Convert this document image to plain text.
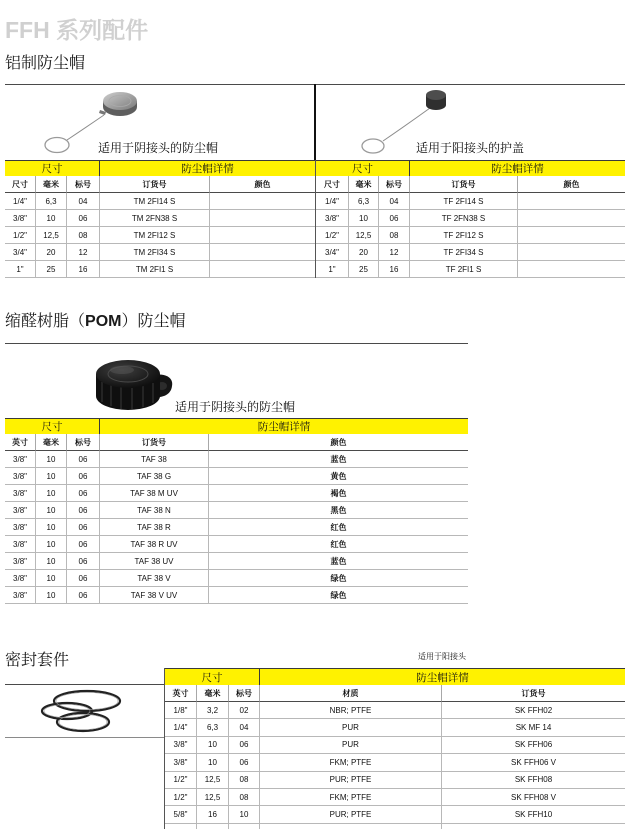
FFH 系列配件
铝制防尘帽
适用于阴接头的防尘帽	适用于阳接头的护盖
尺寸	防尘帽详情
尺寸	毫米	标号	订货号	颜色
1/4"	6,3	04	TM 2FI14 S
3/8"	10	06	TM 2FN38 S
1/2"	12,5	08	TM 2FI12 S
3/4"	20	12	TM 2FI34 S
1"	25	16	TM 2FI1 S
尺寸	防尘帽详情
尺寸	毫米	标号	订货号	颜色
1/4"	6,3	04	TF 2FI14 S
3/8"	10	06	TF 2FN38 S
1/2"	12,5	08	TF 2FI12 S
3/4"	20	12	TF 2FI34 S
1"	25	16	TF 2FI1 S
缩醛树脂（POM）防尘帽
适用于阴接头的防尘帽
尺寸	防尘帽详情
英寸	毫米	标号	订货号	颜色
3/8"	10	06	TAF 38	蓝色
3/8"	10	06	TAF 38 G	黄色
3/8"	10	06	TAF 38 M UV	褐色
3/8"	10	06	TAF 38 N	黑色
3/8"	10	06	TAF 38 R	红色
3/8"	10	06	TAF 38 R UV	红色
3/8"	10	06	TAF 38 UV	蓝色
3/8"	10	06	TAF 38 V	绿色
3/8"	10	06	TAF 38 V UV	绿色
密封套件	适用于阳接头
尺寸	防尘帽详情
英寸	毫米	标号	材质	订货号
1/8"	3,2	02	NBR; PTFE	SK FFH02
1/4"	6,3	04	PUR	SK MF 14
3/8"	10	06	PUR	SK FFH06
3/8"	10	06	FKM; PTFE	SK FFH06 V
1/2"	12,5	08	PUR; PTFE	SK FFH08
1/2"	12,5	08	FKM; PTFE	SK FFH08 V
5/8"	16	10	PUR; PTFE	SK FFH10
